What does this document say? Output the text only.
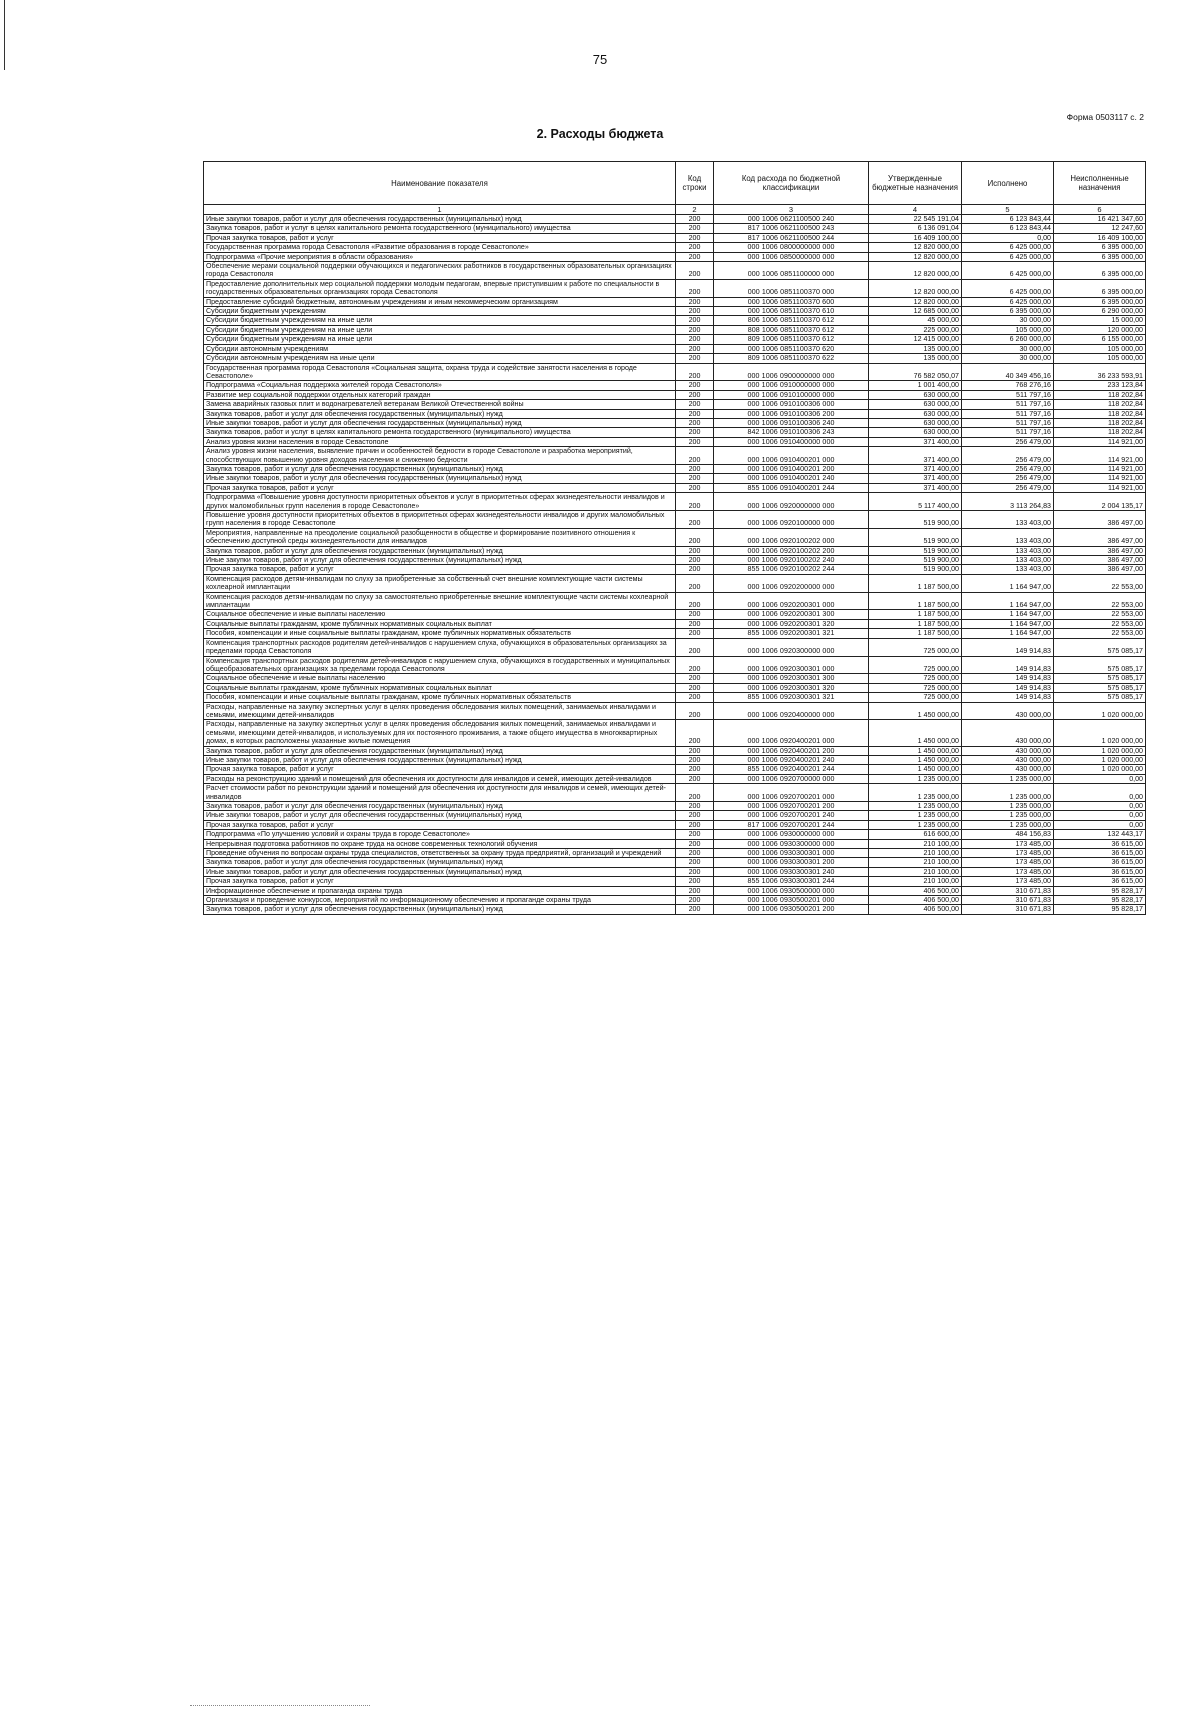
75
Форма 0503117 с. 2
2. Расходы бюджета
Наименование показателя	Код строки	Код расхода по бюджетной классификации	Утвержденные бюджетные назначения	Исполнено	Неисполненные назначения
1	2	3	4	5	6
Иные закупки товаров, работ и услуг для обеспечения государственных (муниципальных) нужд	200	000 1006 0621100500 240	22 545 191,04	6 123 843,44	16 421 347,60
Закупка товаров, работ и услуг в целях капитального ремонта государственного (муниципального) имущества	200	817 1006 0621100500 243	6 136 091,04	6 123 843,44	12 247,60
Прочая закупка товаров, работ и услуг	200	817 1006 0621100500 244	16 409 100,00	0,00	16 409 100,00
Государственная программа города Севастополя «Развитие образования в городе Севастополе»	200	000 1006 0800000000 000	12 820 000,00	6 425 000,00	6 395 000,00
Подпрограмма «Прочие мероприятия в области образования»	200	000 1006 0850000000 000	12 820 000,00	6 425 000,00	6 395 000,00
Обеспечение мерами социальной поддержки обучающихся и педагогических работников в государственных образовательных организациях города Севастополя	200	000 1006 0851100000 000	12 820 000,00	6 425 000,00	6 395 000,00
Предоставление дополнительных мер социальной поддержки молодым педагогам, впервые приступившим к работе по специальности в государственных образовательных организациях города Севастополя	200	000 1006 0851100370 000	12 820 000,00	6 425 000,00	6 395 000,00
Предоставление субсидий бюджетным, автономным учреждениям и иным некоммерческим организациям	200	000 1006 0851100370 600	12 820 000,00	6 425 000,00	6 395 000,00
Субсидии бюджетным учреждениям	200	000 1006 0851100370 610	12 685 000,00	6 395 000,00	6 290 000,00
Субсидии бюджетным учреждениям на иные цели	200	806 1006 0851100370 612	45 000,00	30 000,00	15 000,00
Субсидии бюджетным учреждениям на иные цели	200	808 1006 0851100370 612	225 000,00	105 000,00	120 000,00
Субсидии бюджетным учреждениям на иные цели	200	809 1006 0851100370 612	12 415 000,00	6 260 000,00	6 155 000,00
Субсидии автономным учреждениям	200	000 1006 0851100370 620	135 000,00	30 000,00	105 000,00
Субсидии автономным учреждениям на иные цели	200	809 1006 0851100370 622	135 000,00	30 000,00	105 000,00
Государственная программа города Севастополя «Социальная защита, охрана труда и содействие занятости населения в городе Севастополе»	200	000 1006 0900000000 000	76 582 050,07	40 349 456,16	36 233 593,91
Подпрограмма «Социальная поддержка жителей города Севастополя»	200	000 1006 0910000000 000	1 001 400,00	768 276,16	233 123,84
Развитие мер социальной поддержки отдельных категорий граждан	200	000 1006 0910100000 000	630 000,00	511 797,16	118 202,84
Замена аварийных газовых плит и водонагревателей ветеранам Великой Отечественной войны	200	000 1006 0910100306 000	630 000,00	511 797,16	118 202,84
Закупка товаров, работ и услуг для обеспечения государственных (муниципальных) нужд	200	000 1006 0910100306 200	630 000,00	511 797,16	118 202,84
Иные закупки товаров, работ и услуг для обеспечения государственных (муниципальных) нужд	200	000 1006 0910100306 240	630 000,00	511 797,16	118 202,84
Закупка товаров, работ и услуг в целях капитального ремонта государственного (муниципального) имущества	200	842 1006 0910100306 243	630 000,00	511 797,16	118 202,84
Анализ уровня жизни населения в городе Севастополе	200	000 1006 0910400000 000	371 400,00	256 479,00	114 921,00
Анализ уровня жизни населения, выявление причин и особенностей бедности в городе Севастополе и разработка мероприятий, способствующих повышению уровня доходов населения и снижению бедности	200	000 1006 0910400201 000	371 400,00	256 479,00	114 921,00
Закупка товаров, работ и услуг для обеспечения государственных (муниципальных) нужд	200	000 1006 0910400201 200	371 400,00	256 479,00	114 921,00
Иные закупки товаров, работ и услуг для обеспечения государственных (муниципальных) нужд	200	000 1006 0910400201 240	371 400,00	256 479,00	114 921,00
Прочая закупка товаров, работ и услуг	200	855 1006 0910400201 244	371 400,00	256 479,00	114 921,00
Подпрограмма «Повышение уровня доступности приоритетных объектов и услуг в приоритетных сферах жизнедеятельности инвалидов и других маломобильных групп населения в городе Севастополе»	200	000 1006 0920000000 000	5 117 400,00	3 113 264,83	2 004 135,17
Повышение уровня доступности приоритетных объектов в приоритетных сферах жизнедеятельности инвалидов и других маломобильных групп населения в городе Севастополе	200	000 1006 0920100000 000	519 900,00	133 403,00	386 497,00
Мероприятия, направленные на преодоление социальной разобщенности в обществе и формирование позитивного отношения к обеспечению доступной среды жизнедеятельности для инвалидов	200	000 1006 0920100202 000	519 900,00	133 403,00	386 497,00
Закупка товаров, работ и услуг для обеспечения государственных (муниципальных) нужд	200	000 1006 0920100202 200	519 900,00	133 403,00	386 497,00
Иные закупки товаров, работ и услуг для обеспечения государственных (муниципальных) нужд	200	000 1006 0920100202 240	519 900,00	133 403,00	386 497,00
Прочая закупка товаров, работ и услуг	200	855 1006 0920100202 244	519 900,00	133 403,00	386 497,00
Компенсация расходов детям-инвалидам по слуху за приобретенные за собственный счет внешние комплектующие части системы кохлеарной имплантации	200	000 1006 0920200000 000	1 187 500,00	1 164 947,00	22 553,00
Компенсация расходов детям-инвалидам по слуху за самостоятельно приобретенные внешние комплектующие части системы кохлеарной имплантации	200	000 1006 0920200301 000	1 187 500,00	1 164 947,00	22 553,00
Социальное обеспечение и иные выплаты населению	200	000 1006 0920200301 300	1 187 500,00	1 164 947,00	22 553,00
Социальные выплаты гражданам, кроме публичных нормативных социальных выплат	200	000 1006 0920200301 320	1 187 500,00	1 164 947,00	22 553,00
Пособия, компенсации и иные социальные выплаты гражданам, кроме публичных нормативных обязательств	200	855 1006 0920200301 321	1 187 500,00	1 164 947,00	22 553,00
Компенсация транспортных расходов родителям детей-инвалидов с нарушением слуха, обучающихся в образовательных организациях за пределами города Севастополя	200	000 1006 0920300000 000	725 000,00	149 914,83	575 085,17
Компенсация транспортных расходов родителям детей-инвалидов с нарушением слуха, обучающихся в государственных и муниципальных общеобразовательных организациях за пределами города Севастополя	200	000 1006 0920300301 000	725 000,00	149 914,83	575 085,17
Социальное обеспечение и иные выплаты населению	200	000 1006 0920300301 300	725 000,00	149 914,83	575 085,17
Социальные выплаты гражданам, кроме публичных нормативных социальных выплат	200	000 1006 0920300301 320	725 000,00	149 914,83	575 085,17
Пособия, компенсации и иные социальные выплаты гражданам, кроме публичных нормативных обязательств	200	855 1006 0920300301 321	725 000,00	149 914,83	575 085,17
Расходы, направленные на закупку экспертных услуг в целях проведения обследования жилых помещений, занимаемых инвалидами и семьями, имеющими детей-инвалидов	200	000 1006 0920400000 000	1 450 000,00	430 000,00	1 020 000,00
Расходы, направленные на закупку экспертных услуг в целях проведения обследования жилых помещений, занимаемых инвалидами и семьями, имеющими детей-инвалидов, и используемых для их постоянного проживания, а также общего имущества в многоквартирных домах, в которых расположены указанные жилые помещения	200	000 1006 0920400201 000	1 450 000,00	430 000,00	1 020 000,00
Закупка товаров, работ и услуг для обеспечения государственных (муниципальных) нужд	200	000 1006 0920400201 200	1 450 000,00	430 000,00	1 020 000,00
Иные закупки товаров, работ и услуг для обеспечения государственных (муниципальных) нужд	200	000 1006 0920400201 240	1 450 000,00	430 000,00	1 020 000,00
Прочая закупка товаров, работ и услуг	200	855 1006 0920400201 244	1 450 000,00	430 000,00	1 020 000,00
Расходы на реконструкцию зданий и помещений для обеспечения их доступности для инвалидов и семей, имеющих детей-инвалидов	200	000 1006 0920700000 000	1 235 000,00	1 235 000,00	0,00
Расчет стоимости работ по реконструкции зданий и помещений для обеспечения их доступности для инвалидов и семей, имеющих детей-инвалидов	200	000 1006 0920700201 000	1 235 000,00	1 235 000,00	0,00
Закупка товаров, работ и услуг для обеспечения государственных (муниципальных) нужд	200	000 1006 0920700201 200	1 235 000,00	1 235 000,00	0,00
Иные закупки товаров, работ и услуг для обеспечения государственных (муниципальных) нужд	200	000 1006 0920700201 240	1 235 000,00	1 235 000,00	0,00
Прочая закупка товаров, работ и услуг	200	817 1006 0920700201 244	1 235 000,00	1 235 000,00	0,00
Подпрограмма «По улучшению условий и охраны труда в городе Севастополе»	200	000 1006 0930000000 000	616 600,00	484 156,83	132 443,17
Непрерывная подготовка работников по охране труда на основе современных технологий обучения	200	000 1006 0930300000 000	210 100,00	173 485,00	36 615,00
Проведение обучения по вопросам охраны труда специалистов, ответственных за охрану труда предприятий, организаций и учреждений	200	000 1006 0930300301 000	210 100,00	173 485,00	36 615,00
Закупка товаров, работ и услуг для обеспечения государственных (муниципальных) нужд	200	000 1006 0930300301 200	210 100,00	173 485,00	36 615,00
Иные закупки товаров, работ и услуг для обеспечения государственных (муниципальных) нужд	200	000 1006 0930300301 240	210 100,00	173 485,00	36 615,00
Прочая закупка товаров, работ и услуг	200	855 1006 0930300301 244	210 100,00	173 485,00	36 615,00
Информационное обеспечение и пропаганда охраны труда	200	000 1006 0930500000 000	406 500,00	310 671,83	95 828,17
Организация и проведение конкурсов, мероприятий по информационному обеспечению и пропаганде охраны труда	200	000 1006 0930500201 000	406 500,00	310 671,83	95 828,17
Закупка товаров, работ и услуг для обеспечения государственных (муниципальных) нужд	200	000 1006 0930500201 200	406 500,00	310 671,83	95 828,17
